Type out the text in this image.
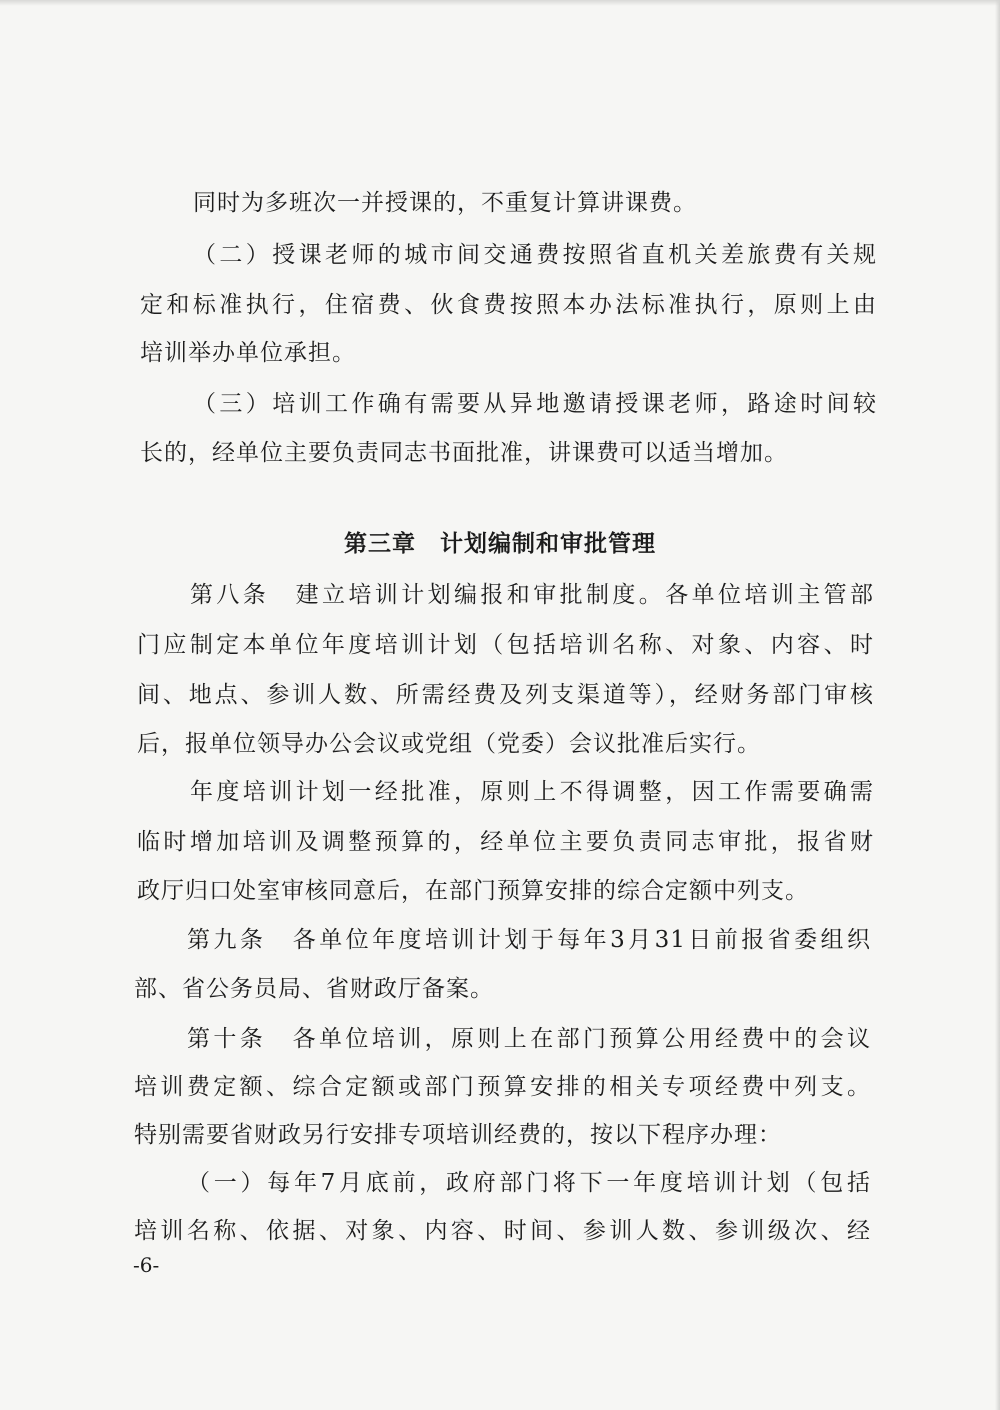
同时为多班次一并授课的，不重复计算讲课费。
（二）授课老师的城市间交通费按照省直机关差旅费有关规
定和标准执行，住宿费、伙食费按照本办法标准执行，原则上由
培训举办单位承担。
（三）培训工作确有需要从异地邀请授课老师，路途时间较
长的，经单位主要负责同志书面批准，讲课费可以适当增加。
第三章　计划编制和审批管理
第八条　建立培训计划编报和审批制度。各单位培训主管部
门应制定本单位年度培训计划（包括培训名称、对象、内容、时
间、地点、参训人数、所需经费及列支渠道等），经财务部门审核
后，报单位领导办公会议或党组（党委）会议批准后实行。
年度培训计划一经批准，原则上不得调整，因工作需要确需
临时增加培训及调整预算的，经单位主要负责同志审批，报省财
政厅归口处室审核同意后，在部门预算安排的综合定额中列支。
第九条　各单位年度培训计划于每年3月31日前报省委组织
部、省公务员局、省财政厅备案。
第十条　各单位培训，原则上在部门预算公用经费中的会议
培训费定额、综合定额或部门预算安排的相关专项经费中列支。
特别需要省财政另行安排专项培训经费的，按以下程序办理：
（一）每年7月底前，政府部门将下一年度培训计划（包括
培训名称、依据、对象、内容、时间、参训人数、参训级次、经
-6-
